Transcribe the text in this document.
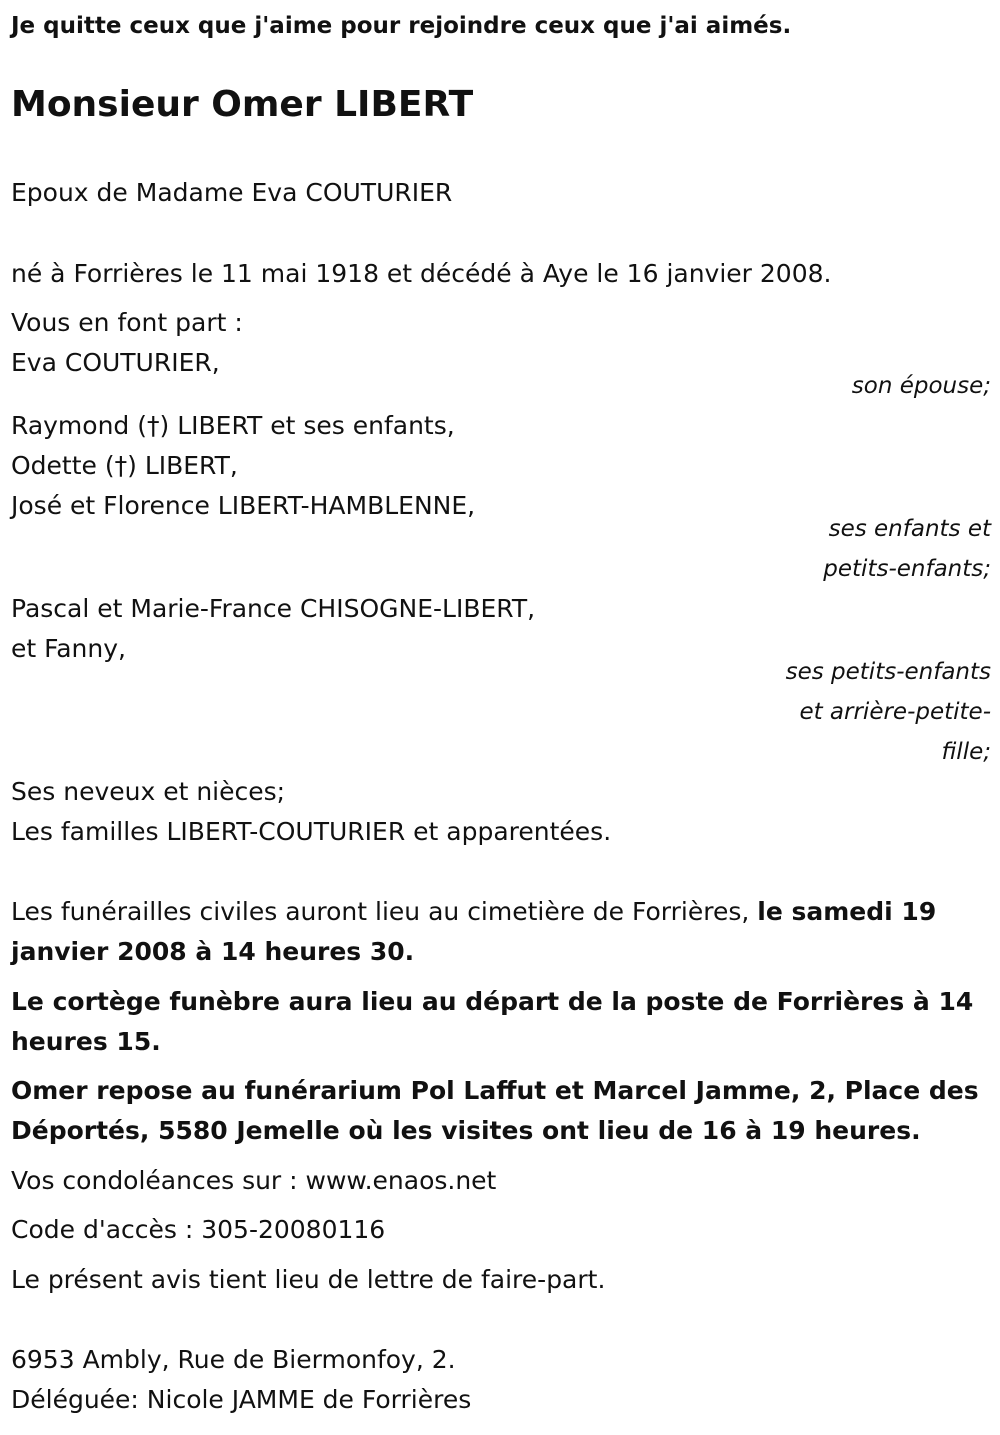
Je quitte ceux que j'aime pour rejoindre ceux que j'ai aimés.
Monsieur Omer LIBERT
Epoux de Madame Eva COUTURIER
né à Forrières le 11 mai 1918 et décédé à Aye le 16 janvier 2008.
Vous en font part :
Eva COUTURIER,
son épouse;
Raymond (†) LIBERT et ses enfants,
Odette (†) LIBERT,
José et Florence LIBERT-HAMBLENNE,
ses enfants et
petits-enfants;
Pascal et Marie-France CHISOGNE-LIBERT,
et Fanny,
ses petits-enfants
et arrière-petite-
fille;
Ses neveux et nièces;
Les familles LIBERT-COUTURIER et apparentées.
Les funérailles civiles auront lieu au cimetière de Forrières, le samedi 19
janvier 2008 à 14 heures 30.
Le cortège funèbre aura lieu au départ de la poste de Forrières à 14
heures 15.
Omer repose au funérarium Pol Laffut et Marcel Jamme, 2, Place des
Déportés, 5580 Jemelle où les visites ont lieu de 16 à 19 heures.
Vos condoléances sur : www.enaos.net
Code d'accès : 305-20080116
Le présent avis tient lieu de lettre de faire-part.
6953 Ambly, Rue de Biermonfoy, 2.
Déléguée: Nicole JAMME de Forrières
